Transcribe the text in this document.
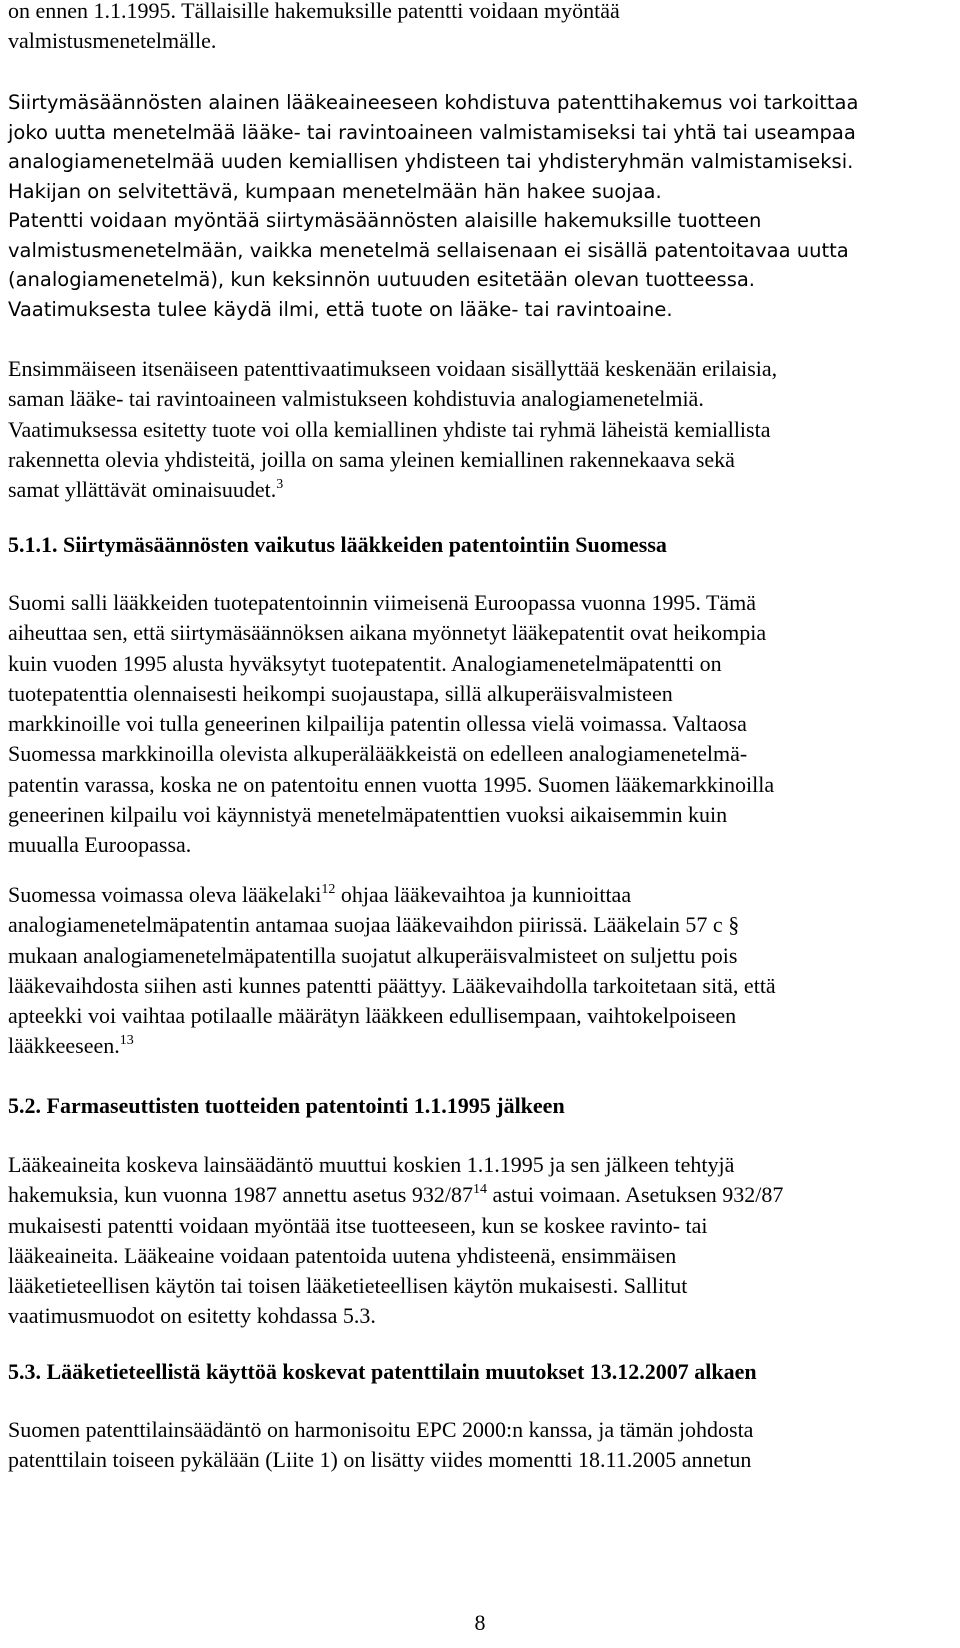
on ennen 1.1.1995. Tällaisille hakemuksille patentti voidaan myöntää
valmistusmenetelmälle.
Siirtymäsäännösten alainen lääkeaineeseen kohdistuva patenttihakemus voi tarkoittaa
joko uutta menetelmää lääke- tai ravintoaineen valmistamiseksi tai yhtä tai useampaa
analogiamenetelmää uuden kemiallisen yhdisteen tai yhdisteryhmän valmistamiseksi.
Hakijan on selvitettävä, kumpaan menetelmään hän hakee suojaa.
Patentti voidaan myöntää siirtymäsäännösten alaisille hakemuksille tuotteen
valmistusmenetelmään, vaikka menetelmä sellaisenaan ei sisällä patentoitavaa uutta
(analogiamenetelmä), kun keksinnön uutuuden esitetään olevan tuotteessa.
Vaatimuksesta tulee käydä ilmi, että tuote on lääke- tai ravintoaine.
Ensimmäiseen itsenäiseen patenttivaatimukseen voidaan sisällyttää keskenään erilaisia,
saman lääke- tai ravintoaineen valmistukseen kohdistuvia analogiamenetelmiä.
Vaatimuksessa esitetty tuote voi olla kemiallinen yhdiste tai ryhmä läheistä kemiallista
rakennetta olevia yhdisteitä, joilla on sama yleinen kemiallinen rakennekaava sekä
samat yllättävät ominaisuudet.$^3$
5.1.1. Siirtymäsäännösten vaikutus lääkkeiden patentointiin Suomessa
Suomi salli lääkkeiden tuotepatentoinnin viimeisenä Euroopassa vuonna 1995. Tämä
aiheuttaa sen, että siirtymäsäännöksen aikana myönnetyt lääkepatentit ovat heikompia
kuin vuoden 1995 alusta hyväksytyt tuotepatentit. Analogiamenetelmäpatentti on
tuotepatenttia olennaisesti heikompi suojaustapa, sillä alkuperäisvalmisteen
markkinoille voi tulla geneerinen kilpailija patentin ollessa vielä voimassa. Valtaosa
Suomessa markkinoilla olevista alkuperälääkkeistä on edelleen analogiamenetelmä-
patentin varassa, koska ne on patentoitu ennen vuotta 1995. Suomen lääkemarkkinoilla
geneerinen kilpailu voi käynnistyä menetelmäpatenttien vuoksi aikaisemmin kuin
muualla Euroopassa.
Suomessa voimassa oleva lääkelaki$^{12}$ ohjaa lääkevaihtoa ja kunnioittaa
analogiamenetelmäpatentin antamaa suojaa lääkevaihdon piirissä. Lääkelain 57 c §
mukaan analogiamenetelmäpatentilla suojatut alkuperäisvalmisteet on suljettu pois
lääkevaihdosta siihen asti kunnes patentti päättyy. Lääkevaihdolla tarkoitetaan sitä, että
apteekki voi vaihtaa potilaalle määrätyn lääkkeen edullisempaan, vaihtokelpoiseen
lääkkeeseen.$^{13}$
5.2. Farmaseuttisten tuotteiden patentointi 1.1.1995 jälkeen
Lääkeaineita koskeva lainsäädäntö muuttui koskien 1.1.1995 ja sen jälkeen tehtyjä
hakemuksia, kun vuonna 1987 annettu asetus $932/87^{14}$ astui voimaan. Asetuksen 932/87
mukaisesti patentti voidaan myöntää itse tuotteeseen, kun se koskee ravinto- tai
lääkeaineita. Lääkeaine voidaan patentoida uutena yhdisteenä, ensimmäisen
lääketieteellisen käytön tai toisen lääketieteellisen käytön mukaisesti. Sallitut
vaatimusmuodot on esitetty kohdassa 5.3.
5.3. Lääketieteellistä käyttöä koskevat patenttilain muutokset 13.12.2007 alkaen
Suomen patenttilainsäädäntö on harmonisoitu EPC 2000:n kanssa, ja tämän johdosta
patenttilain toiseen pykälään (Liite 1) on lisätty viides momentti 18.11.2005 annetun
8
